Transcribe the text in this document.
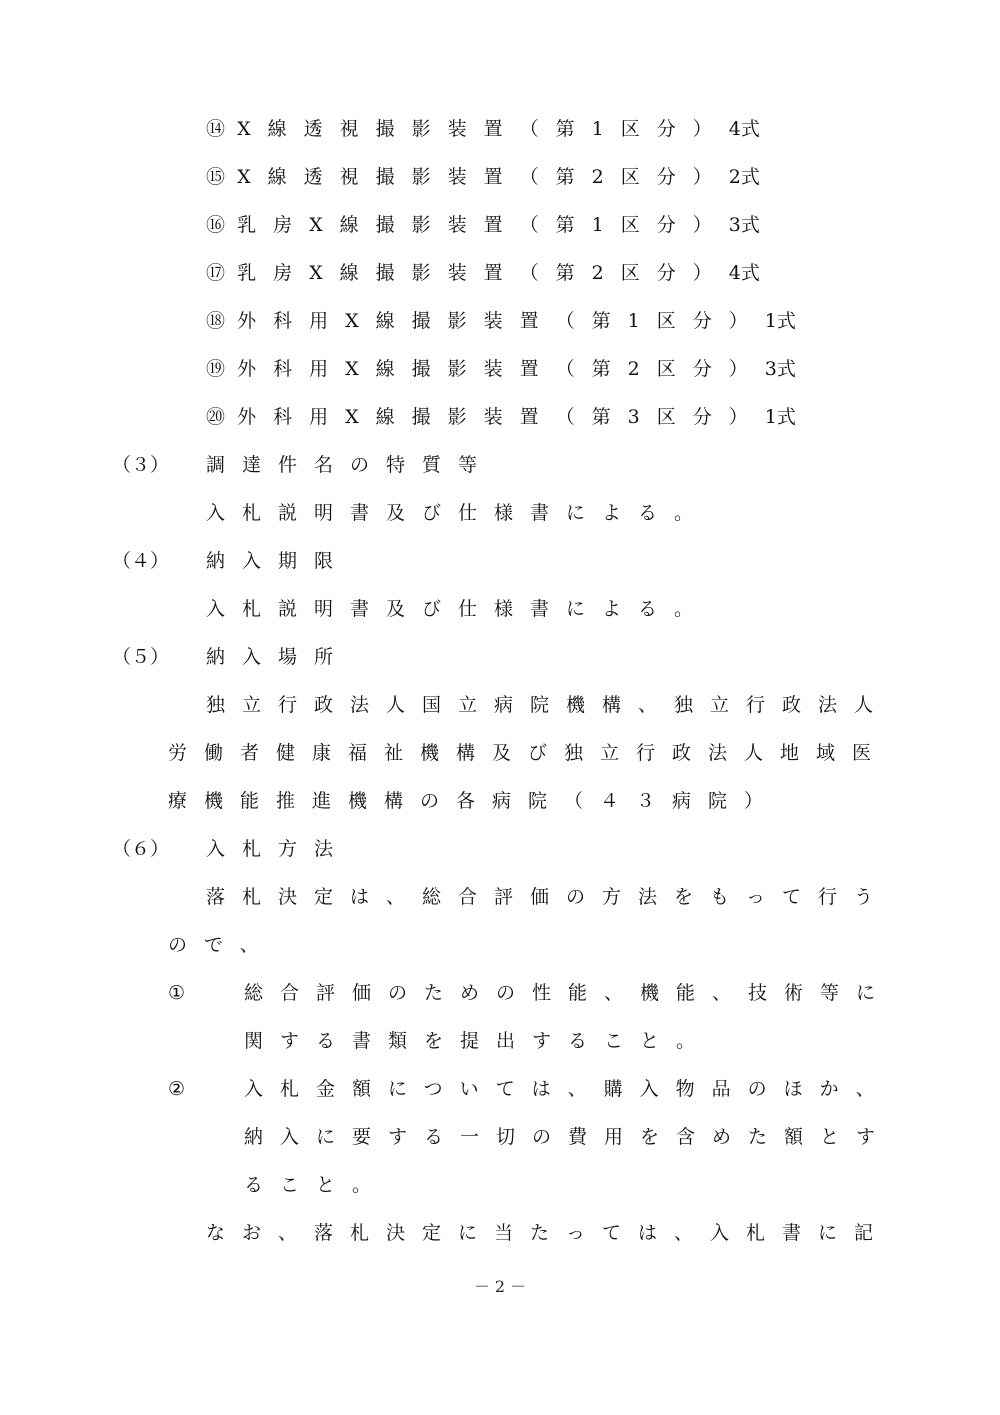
⑭ X線透視撮影装置（第1区分）4式
⑮ X線透視撮影装置（第2区分）2式
⑯ 乳房X線撮影装置（第1区分）3式
⑰ 乳房X線撮影装置（第2区分）4式
⑱ 外科用X線撮影装置（第1区分）1式
⑲ 外科用X線撮影装置（第2区分）3式
⑳ 外科用X線撮影装置（第3区分）1式
（３） 調達件名の特質等
入札説明書及び仕様書による。
（４） 納入期限
入札説明書及び仕様書による。
（５） 納入場所
独立行政法人国立病院機構、独立行政法人
労働者健康福祉機構及び独立行政法人地域医
療機能推進機構の各病院（４３病院）
（６） 入札方法
落札決定は、総合評価の方法をもって行う
ので、
①	総合評価のための性能、機能、技術等に
関する書類を提出すること。
②	入札金額については、購入物品のほか、
納入に要する一切の費用を含めた額とす
ること。
なお、落札決定に当たっては、入札書に記
－ 2 －
